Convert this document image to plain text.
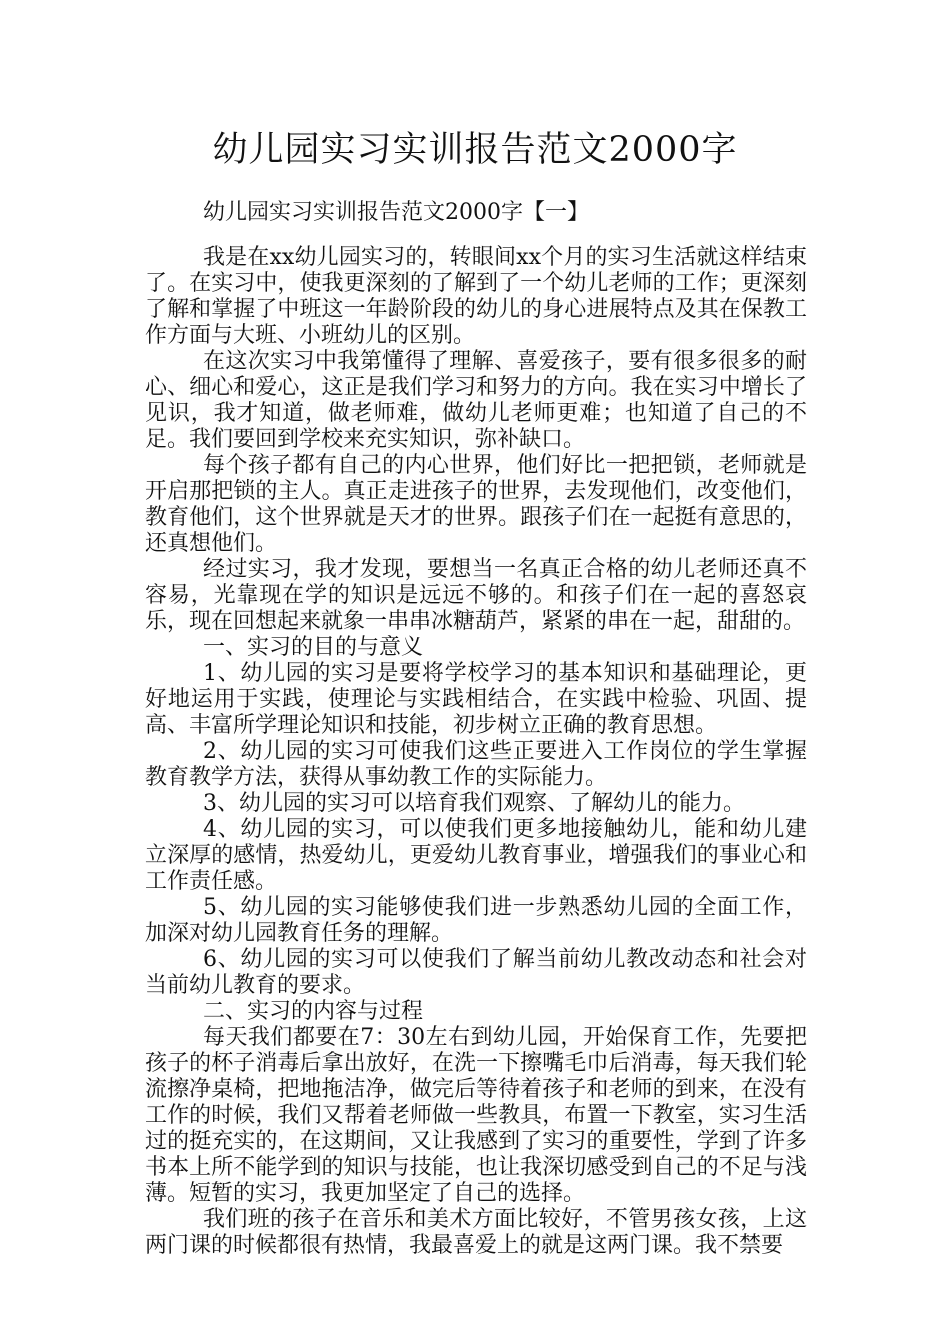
幼儿园实习实训报告范文2000字
幼儿园实习实训报告范文2000字【一】

我是在xx幼儿园实习的，转眼间xx个月的实习生活就这样结束了。在实习中，使我更深刻的了解到了一个幼儿老师的工作；更深刻了解和掌握了中班这一年龄阶段的幼儿的身心进展特点及其在保教工作方面与大班、小班幼儿的区别。

在这次实习中我第懂得了理解、喜爱孩子，要有很多很多的耐心、细心和爱心，这正是我们学习和努力的方向。我在实习中增长了见识，我才知道，做老师难，做幼儿老师更难；也知道了自己的不足。我们要回到学校来充实知识，弥补缺口。

每个孩子都有自己的内心世界，他们好比一把把锁，老师就是开启那把锁的主人。真正走进孩子的世界，去发现他们，改变他们，教育他们，这个世界就是天才的世界。跟孩子们在一起挺有意思的，还真想他们。

经过实习，我才发现，要想当一名真正合格的幼儿老师还真不容易，光靠现在学的知识是远远不够的。和孩子们在一起的喜怒哀乐，现在回想起来就象一串串冰糖葫芦，紧紧的串在一起，甜甜的。

一、实习的目的与意义

1、幼儿园的实习是要将学校学习的基本知识和基础理论，更好地运用于实践，使理论与实践相结合，在实践中检验、巩固、提高、丰富所学理论知识和技能，初步树立正确的教育思想。

2、幼儿园的实习可使我们这些正要进入工作岗位的学生掌握教育教学方法，获得从事幼教工作的实际能力。

3、幼儿园的实习可以培育我们观察、了解幼儿的能力。

4、幼儿园的实习，可以使我们更多地接触幼儿，能和幼儿建立深厚的感情，热爱幼儿，更爱幼儿教育事业，增强我们的事业心和工作责任感。

5、幼儿园的实习能够使我们进一步熟悉幼儿园的全面工作，加深对幼儿园教育任务的理解。

6、幼儿园的实习可以使我们了解当前幼儿教改动态和社会对当前幼儿教育的要求。

二、实习的内容与过程

每天我们都要在7：30左右到幼儿园，开始保育工作，先要把孩子的杯子消毒后拿出放好，在洗一下擦嘴毛巾后消毒，每天我们轮流擦净桌椅，把地拖洁净，做完后等待着孩子和老师的到来，在没有工作的时候，我们又帮着老师做一些教具，布置一下教室，实习生活过的挺充实的，在这期间，又让我感到了实习的重要性，学到了许多书本上所不能学到的知识与技能，也让我深切感受到自己的不足与浅薄。短暂的实习，我更加坚定了自己的选择。

我们班的孩子在音乐和美术方面比较好，不管男孩女孩，上这两门课的时候都很有热情，我最喜爱上的就是这两门课。我不禁要
